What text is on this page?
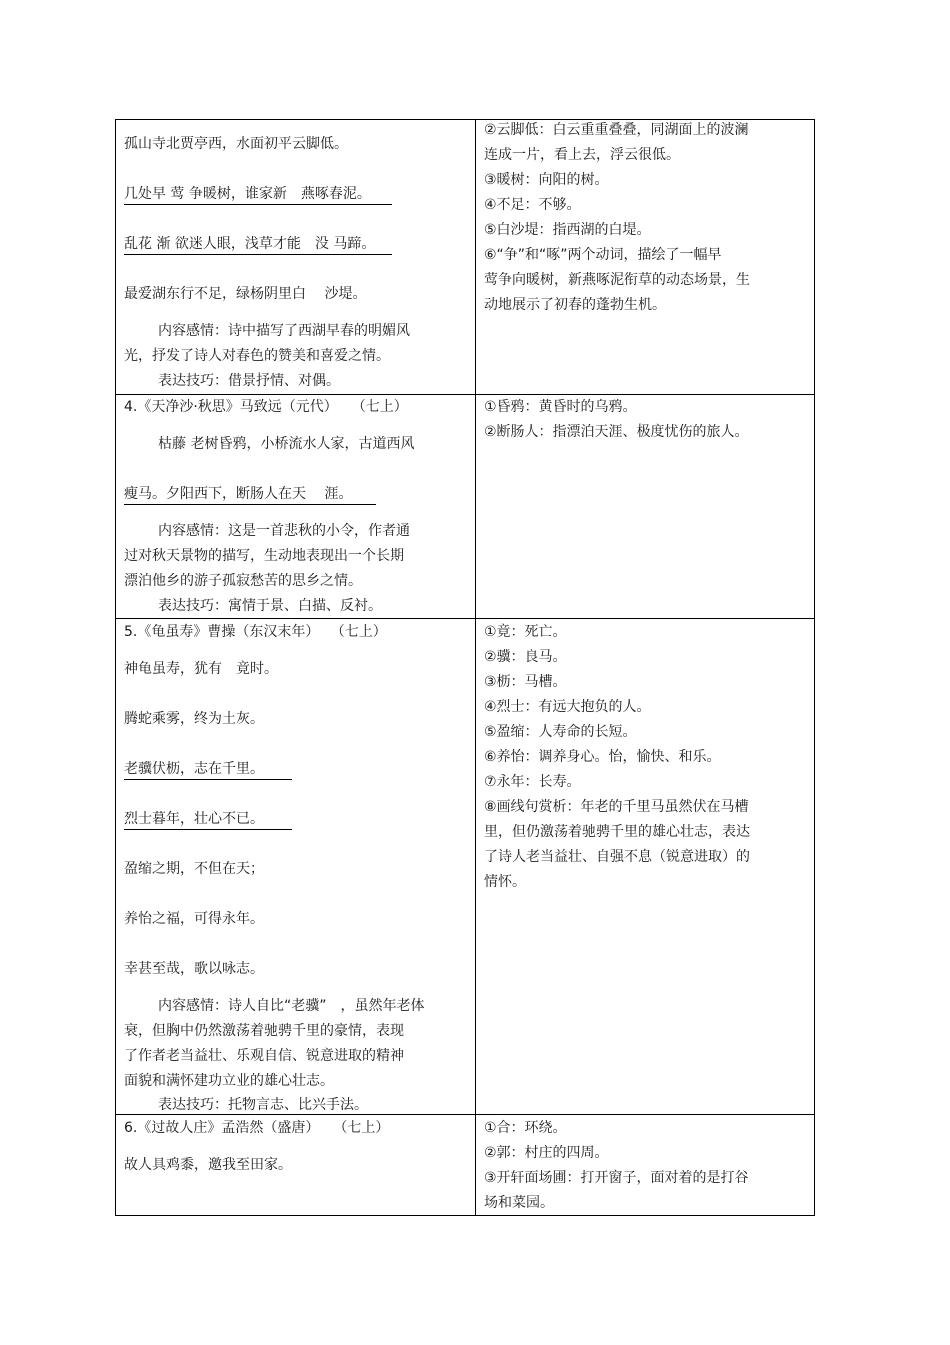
孤山寺北贾亭西，水面初平云脚低。
几处早 莺 争暖树，谁家新　燕啄春泥。
乱花 渐 欲迷人眼，浅草才能　没 马蹄。
最爱湖东行不足，绿杨阴里白　 沙堤。
内容感情：诗中描写了西湖早春的明媚风
光，抒发了诗人对春色的赞美和喜爱之情。
表达技巧：借景抒情、对偶。
②云脚低：白云重重叠叠，同湖面上的波澜
连成一片，看上去，浮云很低。
③暖树：向阳的树。
④不足：不够。
⑤白沙堤：指西湖的白堤。
⑥“争”和“啄”两个动词，描绘了一幅早
莺争向暖树，新燕啄泥衔草的动态场景，生
动地展示了初春的蓬勃生机。
4.《天净沙·秋思》马致远（元代）　　（七上）
枯藤 老树昏鸦，小桥流水人家，古道西风
瘦马。夕阳西下，断肠人在天　 涯。
内容感情：这是一首悲秋的小令，作者通
过对秋天景物的描写，生动地表现出一个长期
漂泊他乡的游子孤寂愁苦的思乡之情。
表达技巧：寓情于景、白描、反衬。
①昏鸦：黄昏时的乌鸦。
②断肠人：指漂泊天涯、极度忧伤的旅人。
5.《龟虽寿》曹操（东汉末年）　 （七上）
神龟虽寿，犹有　竟时。
腾蛇乘雾，终为土灰。
老骥伏枥，志在千里。
烈士暮年，壮心不已。
盈缩之期，不但在天；
养怡之福，可得永年。
幸甚至哉，歌以咏志。
内容感情：诗人自比“老骥”　，虽然年老体
衰，但胸中仍然激荡着驰骋千里的豪情，表现
了作者老当益壮、乐观自信、锐意进取的精神
面貌和满怀建功立业的雄心壮志。
表达技巧：托物言志、比兴手法。
①竟：死亡。
②骥：良马。
③枥：马槽。
④烈士：有远大抱负的人。
⑤盈缩：人寿命的长短。
⑥养怡：调养身心。怡，愉快、和乐。
⑦永年：长寿。
⑧画线句赏析：年老的千里马虽然伏在马槽
里，但仍激荡着驰骋千里的雄心壮志，表达
了诗人老当益壮、自强不息（锐意进取）的
情怀。
6.《过故人庄》孟浩然（盛唐）　　（七上）
故人具鸡黍，邀我至田家。
①合：环绕。
②郭：村庄的四周。
③开轩面场圃：打开窗子，面对着的是打谷
场和菜园。
